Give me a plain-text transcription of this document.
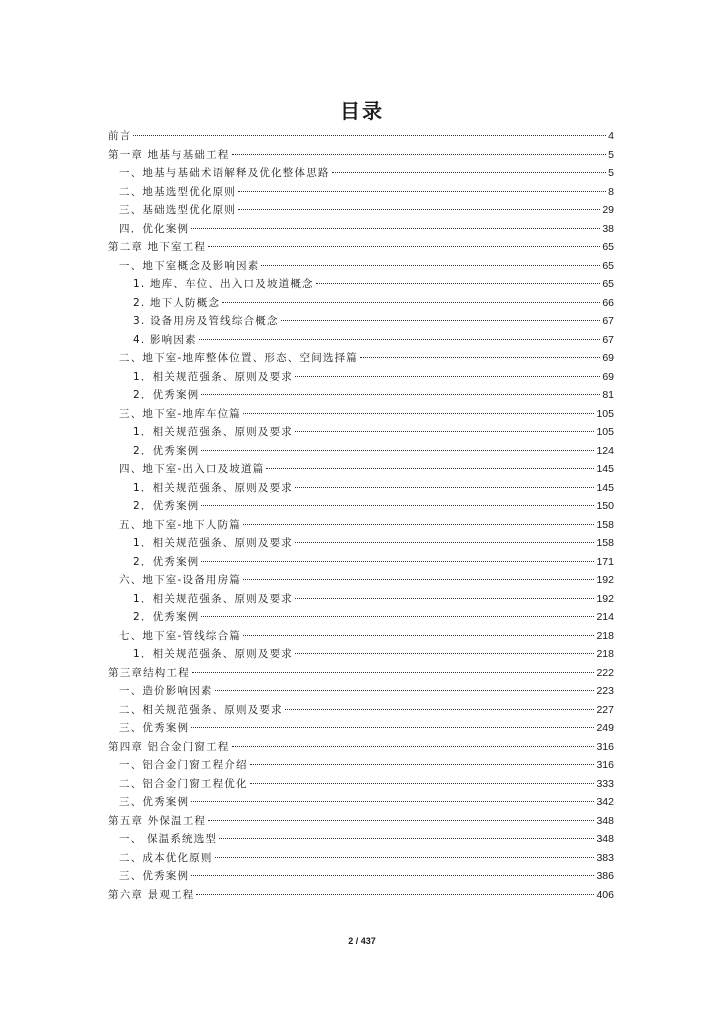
目录
前言	4
第一章 地基与基础工程	5
一、地基与基础术语解释及优化整体思路	5
二、地基选型优化原则	8
三、基础选型优化原则	29
四．优化案例	38
第二章 地下室工程	65
一、地下室概念及影响因素	65
1. 地库、车位、出入口及坡道概念	65
2. 地下人防概念	66
3. 设备用房及管线综合概念	67
4. 影响因素	67
二、地下室-地库整体位置、形态、空间选择篇	69
1．相关规范强条、原则及要求	69
2．优秀案例	81
三、地下室-地库车位篇	105
1．相关规范强条、原则及要求	105
2．优秀案例	124
四、地下室-出入口及坡道篇	145
1．相关规范强条、原则及要求	145
2．优秀案例	150
五、地下室-地下人防篇	158
1．相关规范强条、原则及要求	158
2．优秀案例	171
六、地下室-设备用房篇	192
1．相关规范强条、原则及要求	192
2．优秀案例	214
七、地下室-管线综合篇	218
1．相关规范强条、原则及要求	218
第三章结构工程	222
一、造价影响因素	223
二、相关规范强条、原则及要求	227
三、优秀案例	249
第四章 铝合金门窗工程	316
一、铝合金门窗工程介绍	316
二、铝合金门窗工程优化	333
三、优秀案例	342
第五章 外保温工程	348
一、 保温系统选型	348
二、成本优化原则	383
三、优秀案例	386
第六章 景观工程	406
2 / 437
